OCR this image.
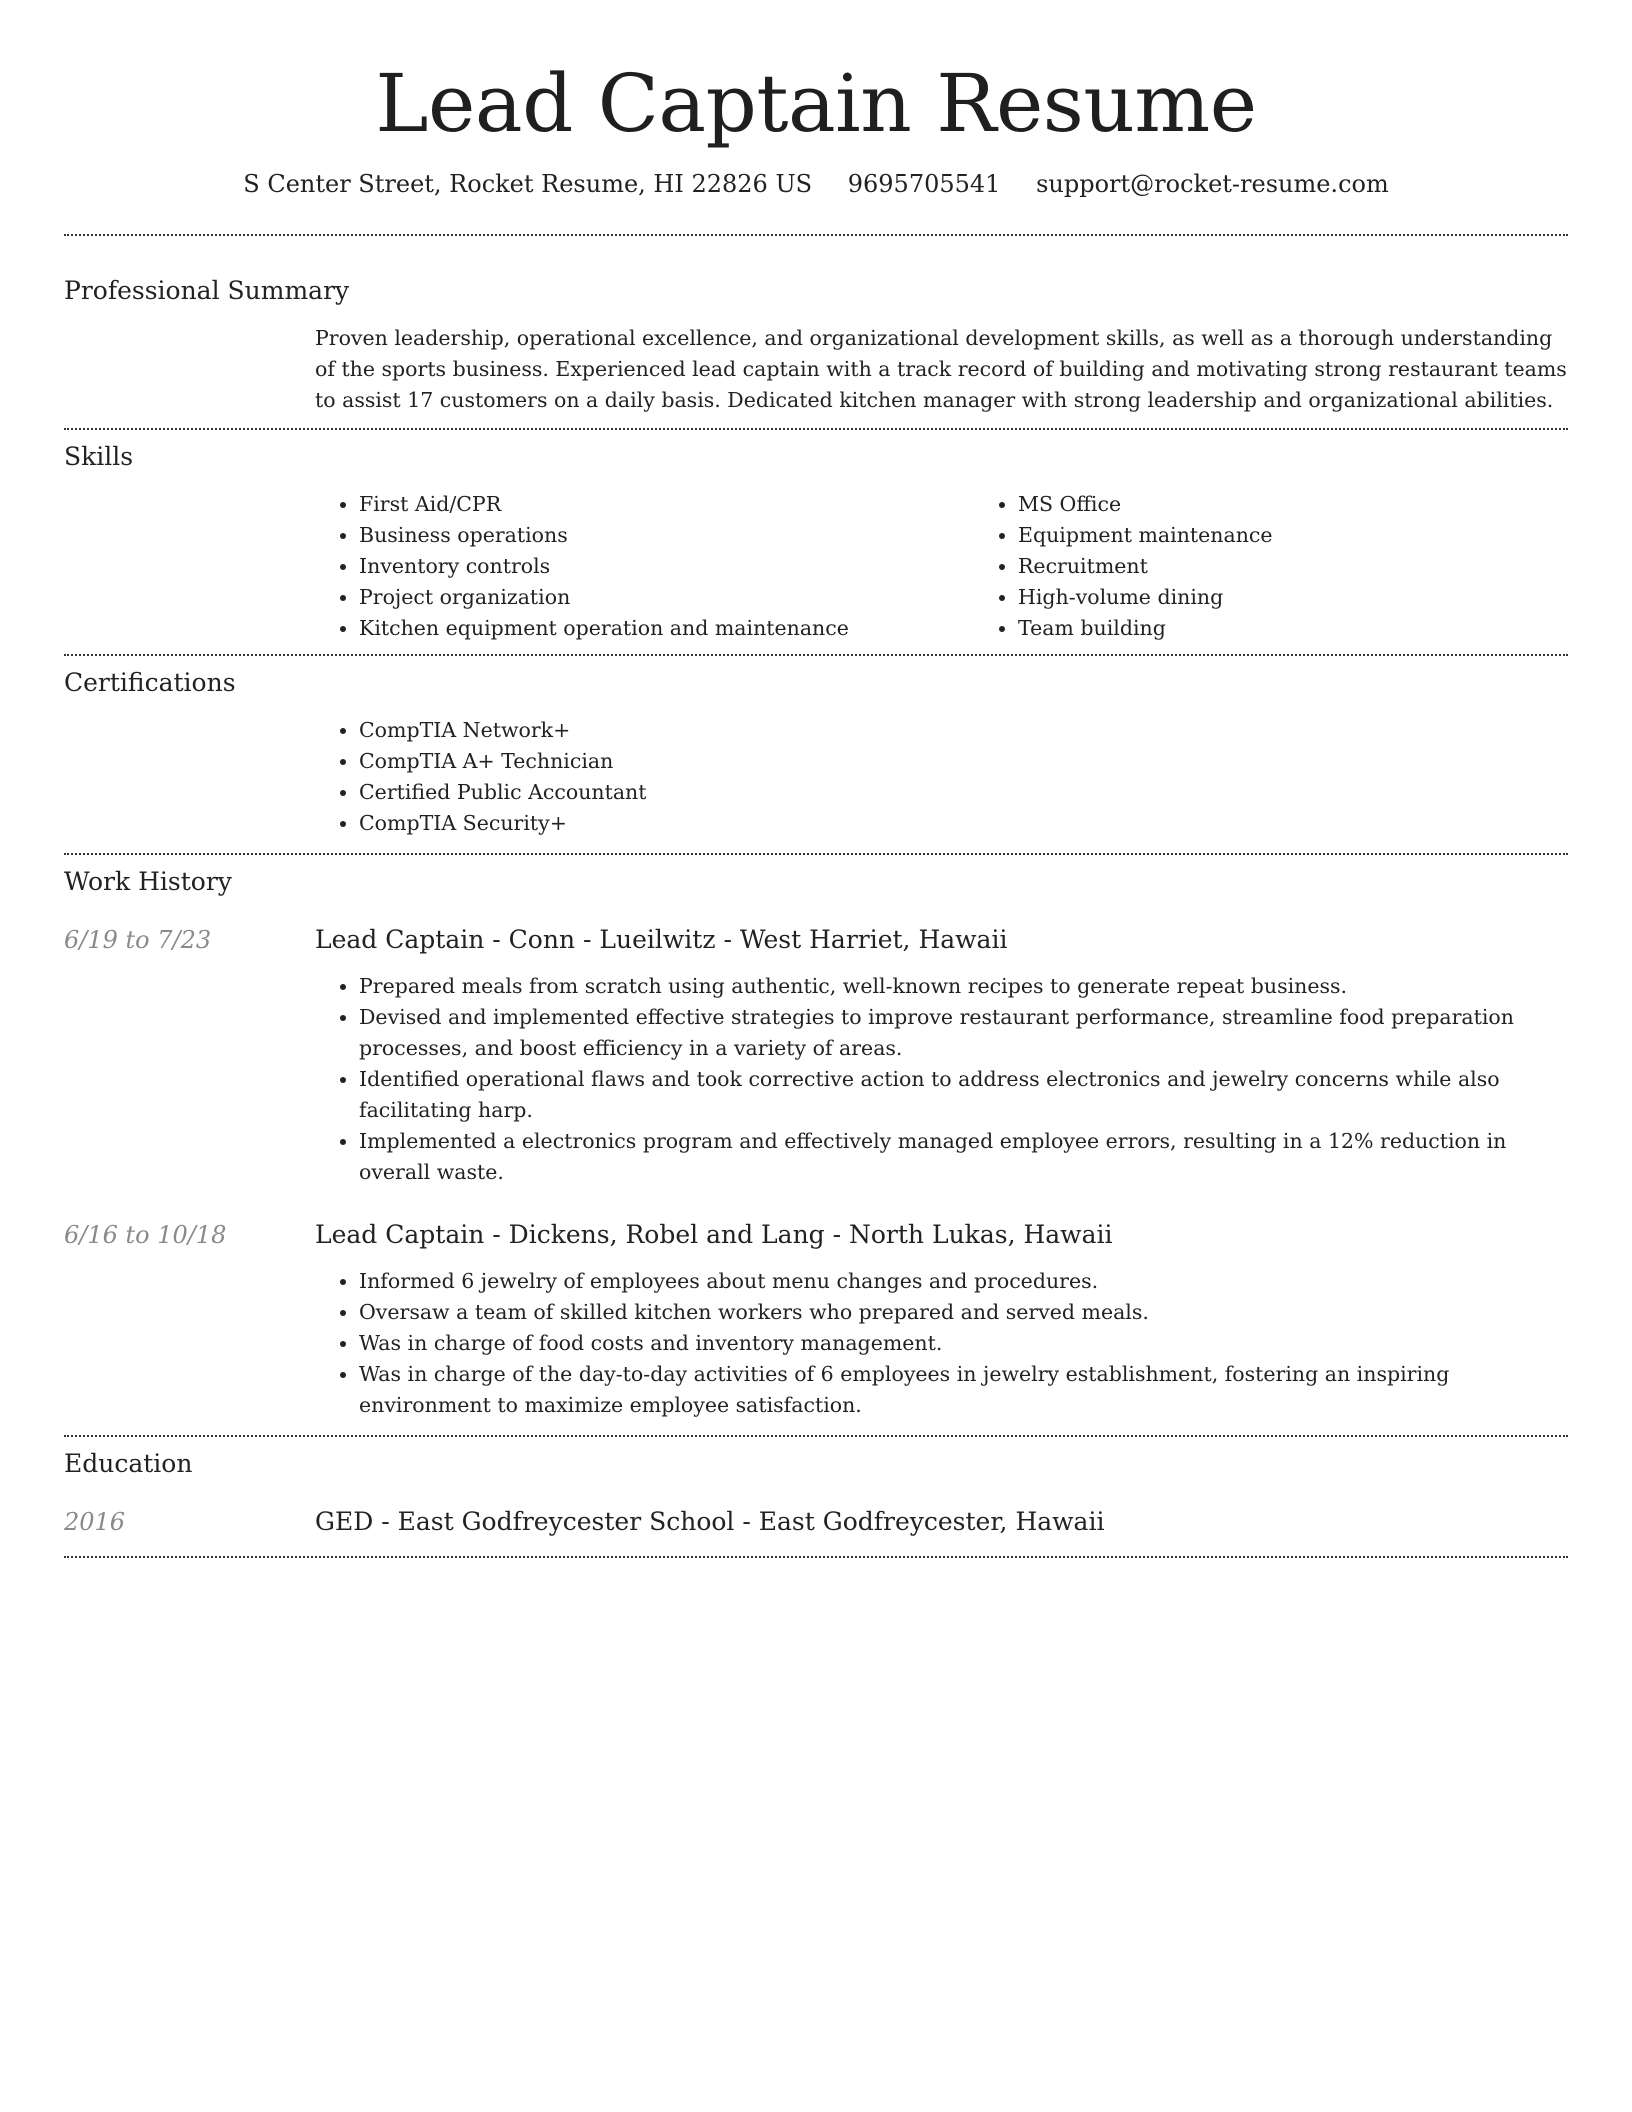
Lead Captain Resume
S Center Street, Rocket Resume, HI 22826 US 9695705541 support@rocket-resume.com
Professional Summary
Proven leadership, operational excellence, and organizational development skills, as well as a thorough understanding of the sports business. Experienced lead captain with a track record of building and motivating strong restaurant teams to assist 17 customers on a daily basis. Dedicated kitchen manager with strong leadership and organizational abilities.
Skills
• First Aid/CPR
• Business operations
• Inventory controls
• Project organization
• Kitchen equipment operation and maintenance
• MS Office
• Equipment maintenance
• Recruitment
• High-volume dining
• Team building
Certifications
• CompTIA Network+
• CompTIA A+ Technician
• Certified Public Accountant
• CompTIA Security+
Work History
6/19 to 7/23	Lead Captain - Conn - Lueilwitz - West Harriet, Hawaii
• Prepared meals from scratch using authentic, well-known recipes to generate repeat business.
• Devised and implemented effective strategies to improve restaurant performance, streamline food preparation processes, and boost efficiency in a variety of areas.
• Identified operational flaws and took corrective action to address electronics and jewelry concerns while also facilitating harp.
• Implemented a electronics program and effectively managed employee errors, resulting in a 12% reduction in overall waste.
6/16 to 10/18	Lead Captain - Dickens, Robel and Lang - North Lukas, Hawaii
• Informed 6 jewelry of employees about menu changes and procedures.
• Oversaw a team of skilled kitchen workers who prepared and served meals.
• Was in charge of food costs and inventory management.
• Was in charge of the day-to-day activities of 6 employees in jewelry establishment, fostering an inspiring environment to maximize employee satisfaction.
Education
2016	GED - East Godfreycester School - East Godfreycester, Hawaii
